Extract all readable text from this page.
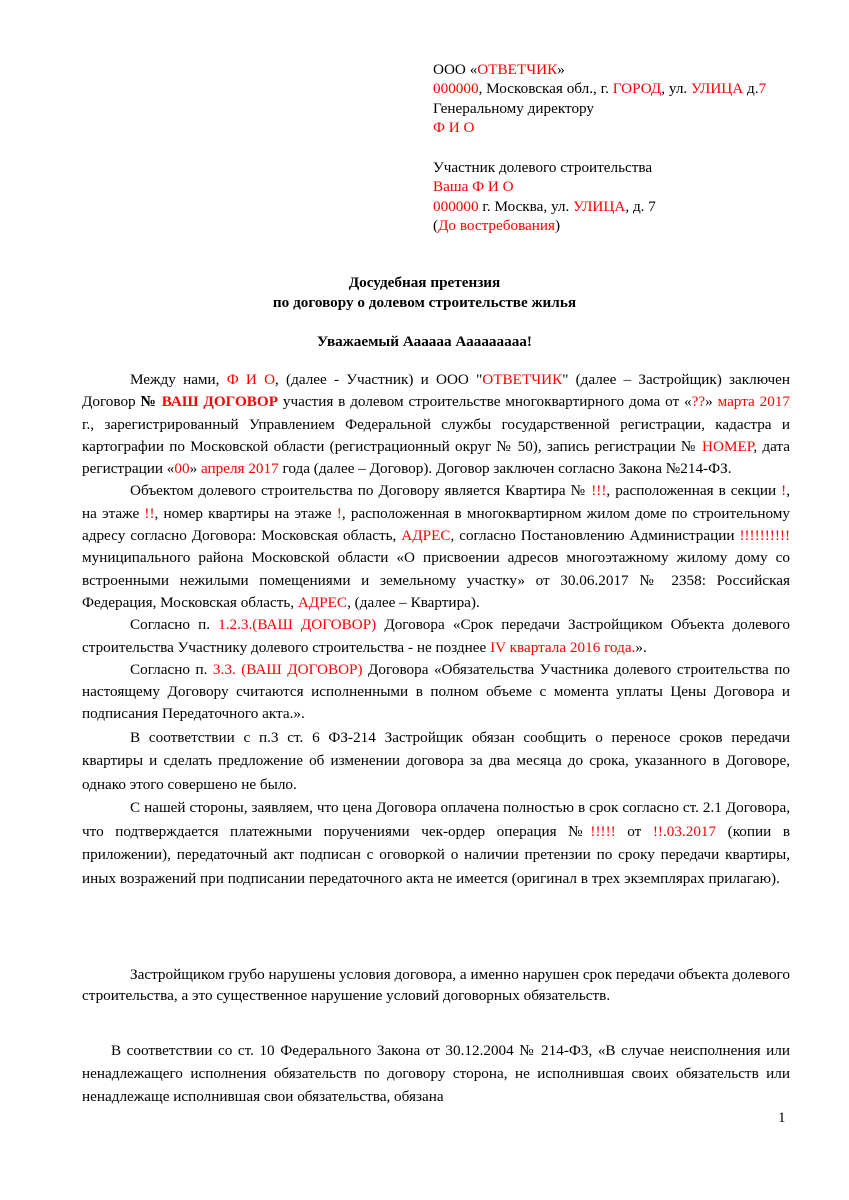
ООО «ОТВЕТЧИК»
000000, Московская обл., г. ГОРОД, ул. УЛИЦА д.7
Генеральному директору
Ф И О
Участник долевого строительства
Ваша Ф И О
000000 г. Москва, ул. УЛИЦА, д. 7
(До востребования)
Досудебная претензия
по договору о долевом строительстве жилья
Уважаемый Аааааа Ааааааааа!

Между нами, Ф И О, (далее - Участник) и ООО "ОТВЕТЧИК" (далее – Застройщик) заключен Договор № ВАШ ДОГОВОР участия в долевом строительстве многоквартирного дома от «??» марта 2017 г., зарегистрированный Управлением Федеральной службы государственной регистрации, кадастра и картографии по Московской области (регистрационный округ № 50), запись регистрации № НОМЕР, дата регистрации «00» апреля 2017 года (далее – Договор). Договор заключен согласно Закона №214-ФЗ.

Объектом долевого строительства по Договору является Квартира № !!!, расположенная в секции !, на этаже !!, номер квартиры на этаже !, расположенная в многоквартирном жилом доме по строительному адресу согласно Договора: Московская область, АДРЕС, согласно Постановлению Администрации !!!!!!!!!! муниципального района Московской области «О присвоении адресов многоэтажному жилому дому со встроенными нежилыми помещениями и земельному участку» от 30.06.2017 № 2358: Российская Федерация, Московская область, АДРЕС, (далее – Квартира).

Согласно п. 1.2.3.(ВАШ ДОГОВОР) Договора «Срок передачи Застройщиком Объекта долевого строительства Участнику долевого строительства - не позднее IV квартала 2016 года.».

Согласно п. 3.3. (ВАШ ДОГОВОР) Договора «Обязательства Участника долевого строительства по настоящему Договору считаются исполненными в полном объеме с момента уплаты Цены Договора и подписания Передаточного акта.».

В соответствии с п.3 ст. 6 ФЗ-214 Застройщик обязан сообщить о переносе сроков передачи квартиры и сделать предложение об изменении договора за два месяца до срока, указанного в Договоре, однако этого совершено не было.

С нашей стороны, заявляем, что цена Договора оплачена полностью в срок согласно ст. 2.1 Договора, что подтверждается платежными поручениями чек-ордер операция №!!!!! от !!.03.2017 (копии в приложении), передаточный акт подписан с оговоркой о наличии претензии по сроку передачи квартиры, иных возражений при подписании передаточного акта не имеется (оригинал в трех экземплярах прилагаю).

Застройщиком грубо нарушены условия договора, а именно нарушен срок передачи объекта долевого строительства, а это существенное нарушение условий договорных обязательств.

В соответствии со ст. 10 Федерального Закона от 30.12.2004 № 214-ФЗ, «В случае неисполнения или ненадлежащего исполнения обязательств по договору сторона, не исполнившая своих обязательств или ненадлежаще исполнившая свои обязательства, обязана

1
